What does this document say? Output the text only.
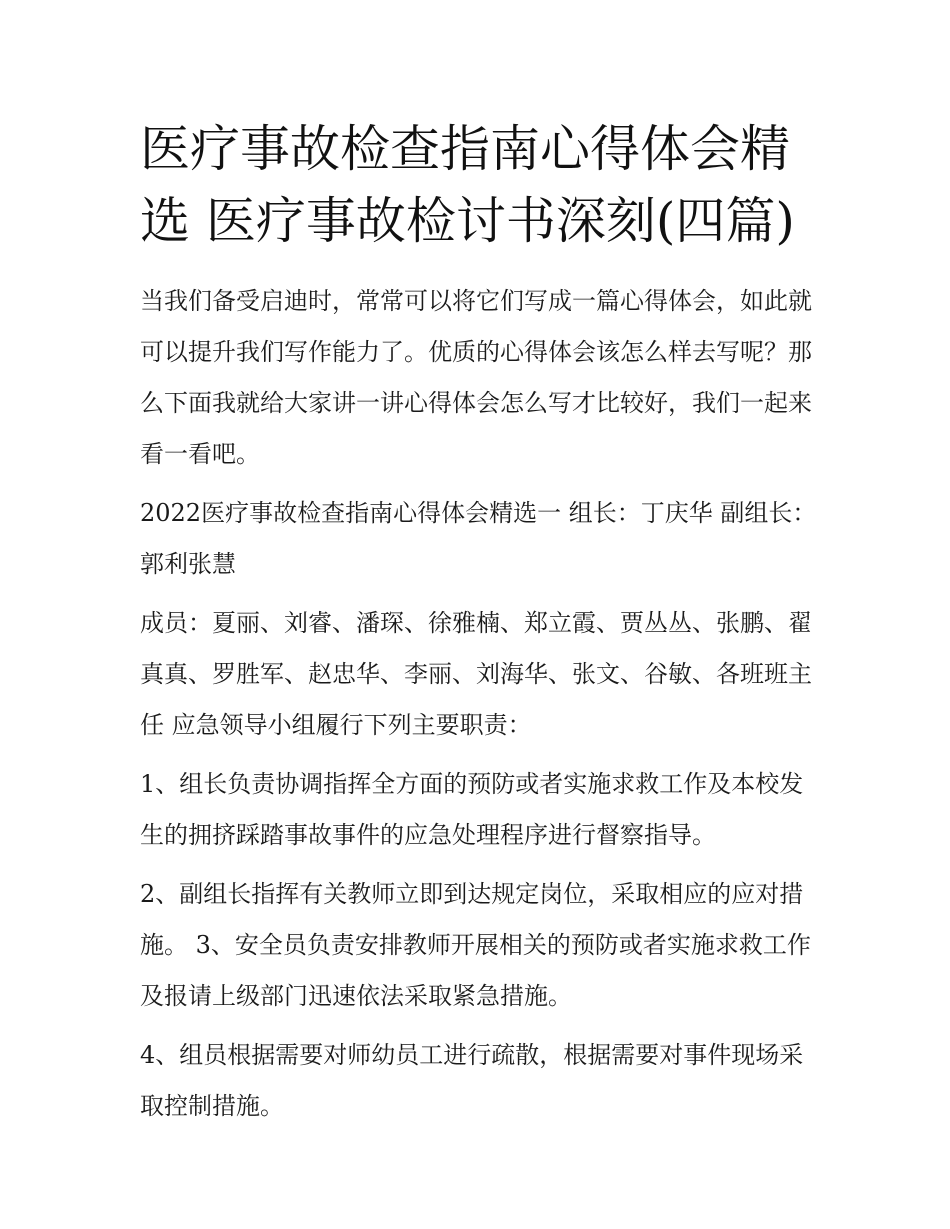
医疗事故检查指南心得体会精选 医疗事故检讨书深刻(四篇)

当我们备受启迪时，常常可以将它们写成一篇心得体会，如此就可以提升我们写作能力了。优质的心得体会该怎么样去写呢？那么下面我就给大家讲一讲心得体会怎么写才比较好，我们一起来看一看吧。

2022医疗事故检查指南心得体会精选一 组长：丁庆华 副组长：郭利张慧

成员：夏丽、刘睿、潘琛、徐雅楠、郑立霞、贾丛丛、张鹏、翟真真、罗胜军、赵忠华、李丽、刘海华、张文、谷敏、各班班主任 应急领导小组履行下列主要职责：

1、组长负责协调指挥全方面的预防或者实施求救工作及本校发生的拥挤踩踏事故事件的应急处理程序进行督察指导。

2、副组长指挥有关教师立即到达规定岗位，采取相应的应对措施。 3、安全员负责安排教师开展相关的预防或者实施求救工作及报请上级部门迅速依法采取紧急措施。

4、组员根据需要对师幼员工进行疏散，根据需要对事件现场采取控制措施。
